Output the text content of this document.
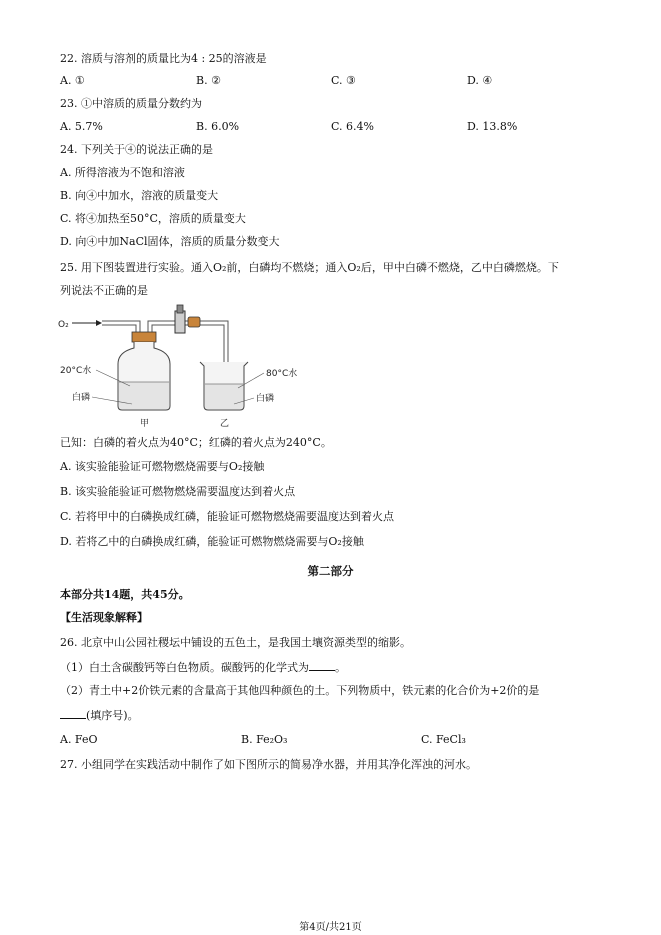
22. 溶质与溶剂的质量比为4 : 25的溶液是
A. ①	B. ②	C. ③	D. ④
23. ①中溶质的质量分数约为
A. 5.7%	B. 6.0%	C. 6.4%	D. 13.8%
24. 下列关于④的说法正确的是
A. 所得溶液为不饱和溶液
B. 向④中加水，溶液的质量变大
C. 将④加热至50°C，溶质的质量变大
D. 向④中加NaCl固体，溶质的质量分数变大
25. 用下图装置进行实验。通入O₂前，白磷均不燃烧；通入O₂后，甲中白磷不燃烧，乙中白磷燃烧。下
列说法不正确的是
O₂
20°C水
白磷
80°C水
白磷
甲	乙
已知：白磷的着火点为40°C；红磷的着火点为240°C。
A. 该实验能验证可燃物燃烧需要与O₂接触
B. 该实验能验证可燃物燃烧需要温度达到着火点
C. 若将甲中的白磷换成红磷，能验证可燃物燃烧需要温度达到着火点
D. 若将乙中的白磷换成红磷，能验证可燃物燃烧需要与O₂接触
第二部分
本部分共14题，共45分。
【生活现象解释】
26. 北京中山公园社稷坛中铺设的五色土，是我国土壤资源类型的缩影。
（1）白土含碳酸钙等白色物质。碳酸钙的化学式为 。
（2）青土中+2价铁元素的含量高于其他四种颜色的土。下列物质中，铁元素的化合价为+2价的是
(填序号)。
A. FeO	B. Fe₂O₃	C. FeCl₃
27. 小组同学在实践活动中制作了如下图所示的简易净水器，并用其净化浑浊的河水。
第4页/共21页
